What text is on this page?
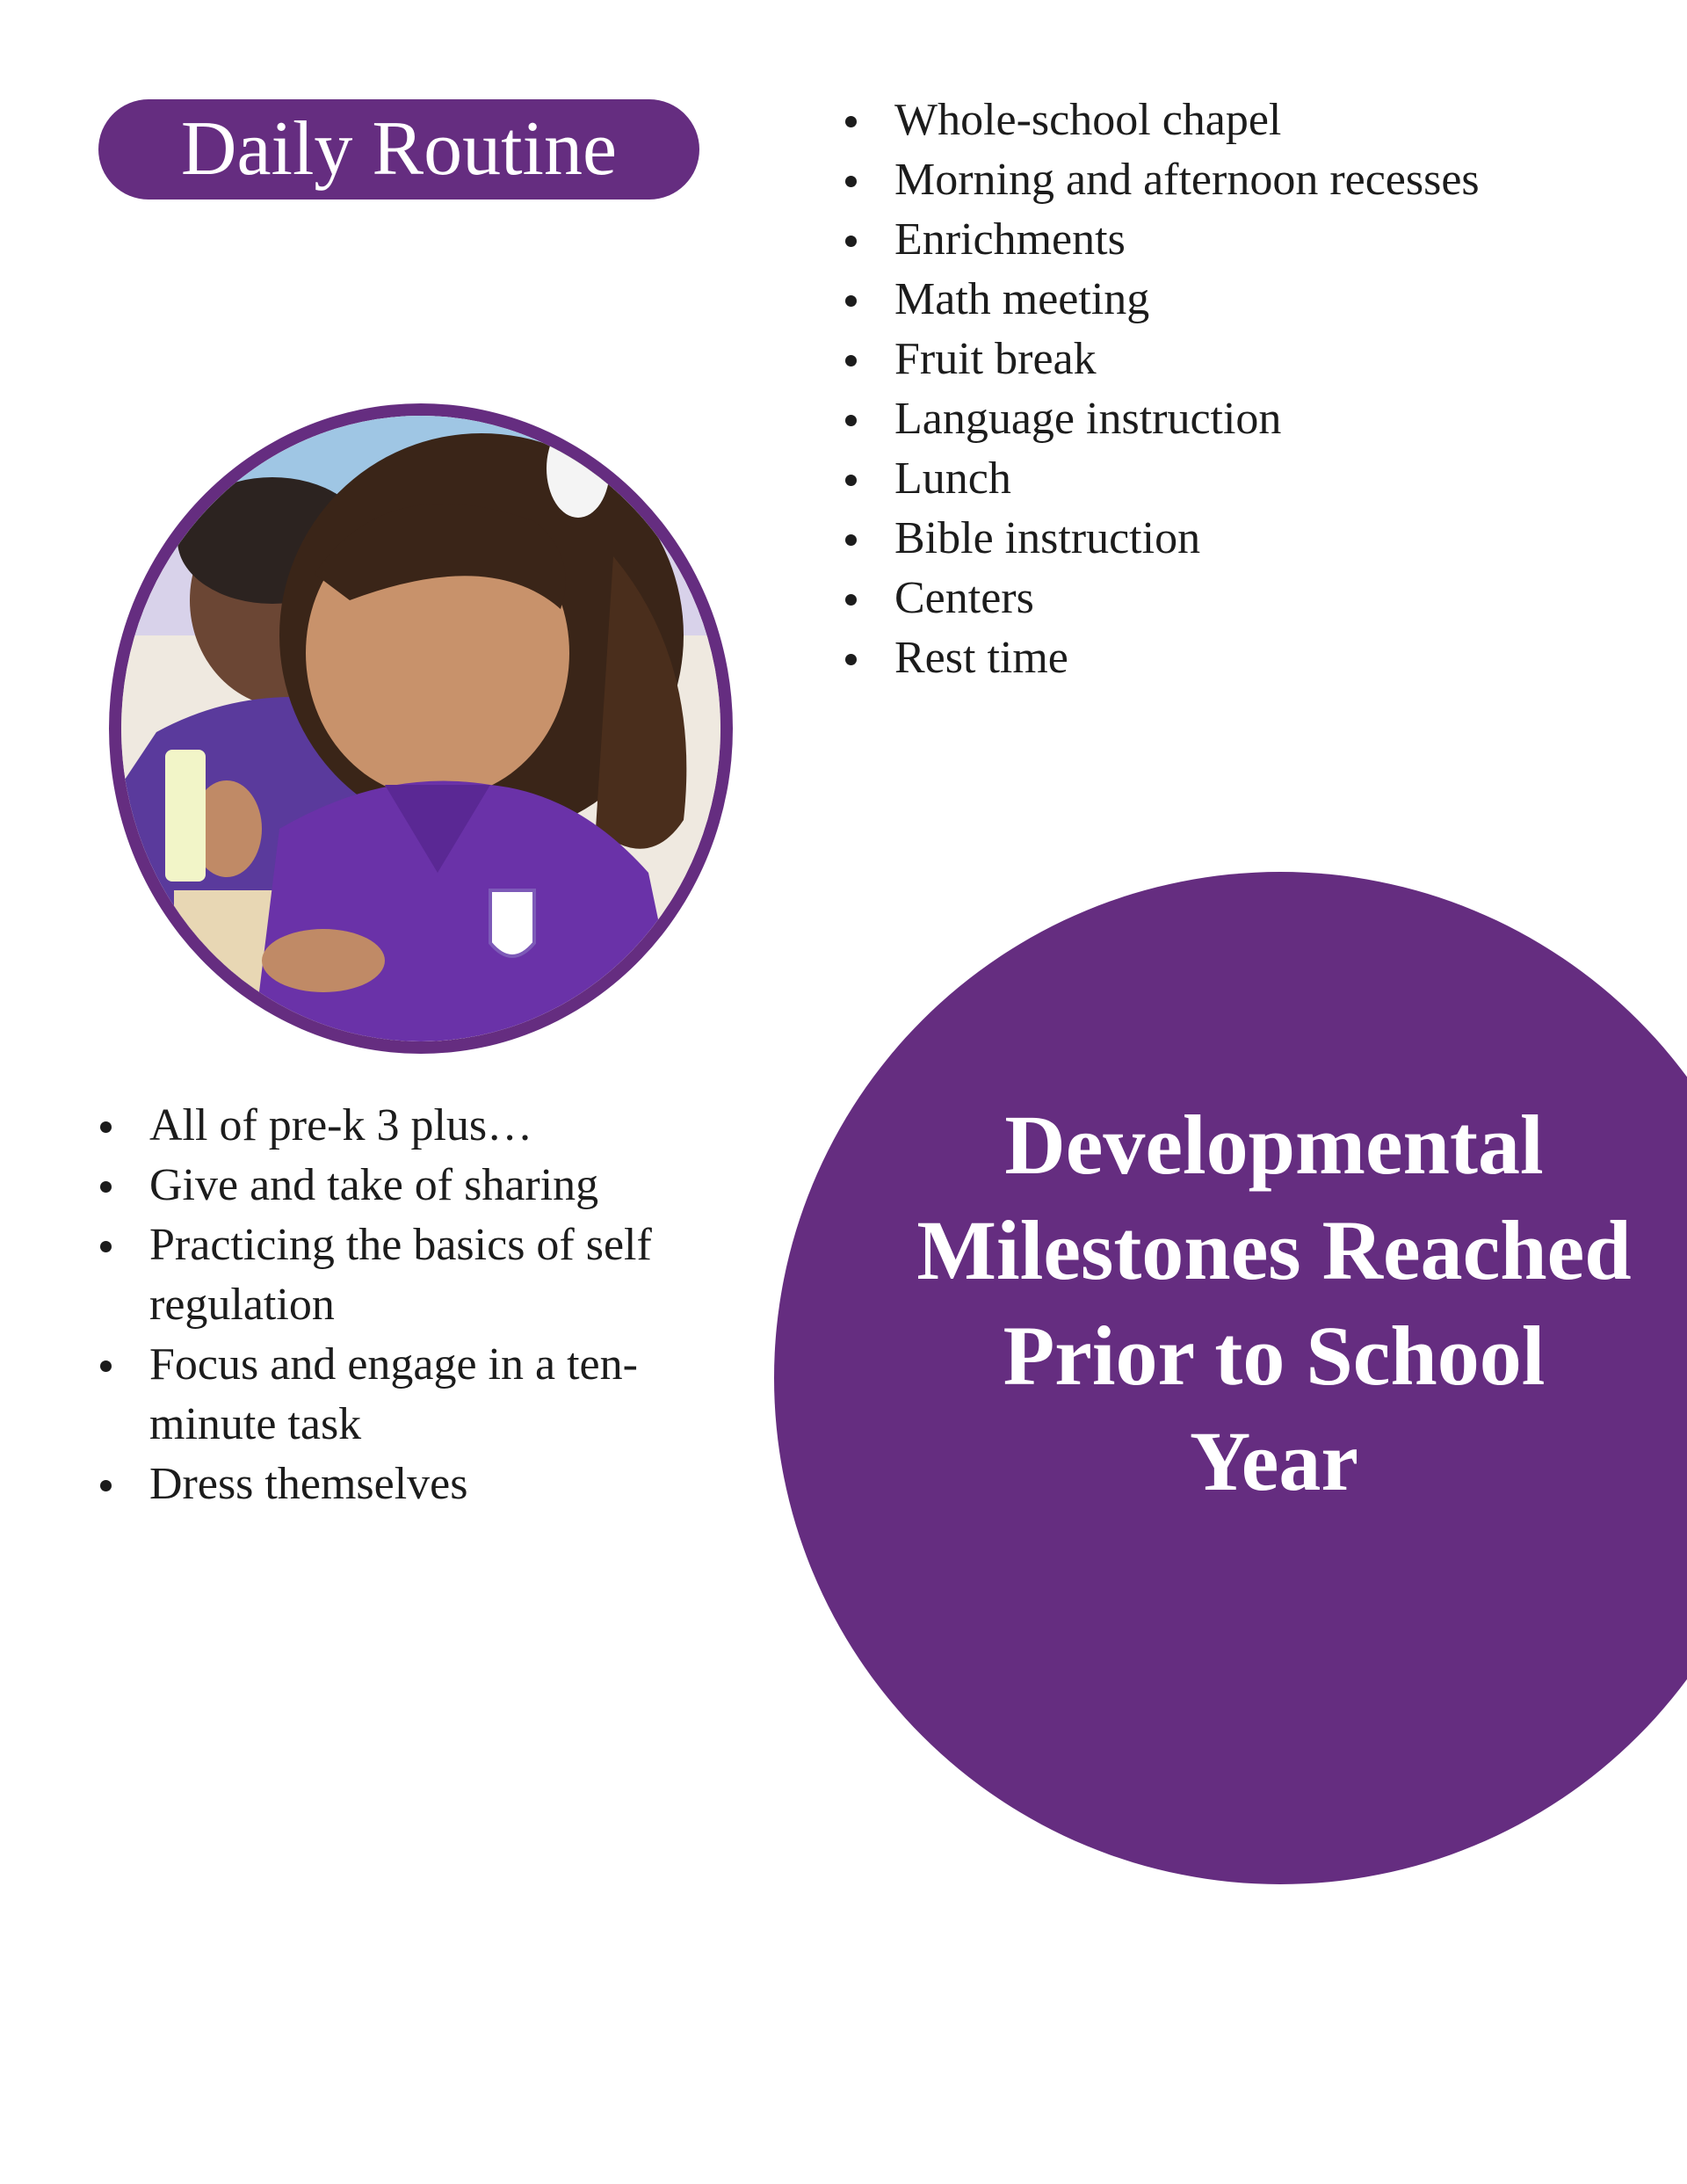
Daily Routine	Whole-school chapel
Morning and afternoon recesses
Enrichments
Math meeting
Fruit break
Language instruction
Lunch
Bible instruction
Centers
Rest time
All of pre-k 3 plus…
Give and take of sharing
Practicing the basics of self regulation
Focus and engage in a ten-minute task
Dress themselves

Developmental Milestones Reached Prior to School Year
